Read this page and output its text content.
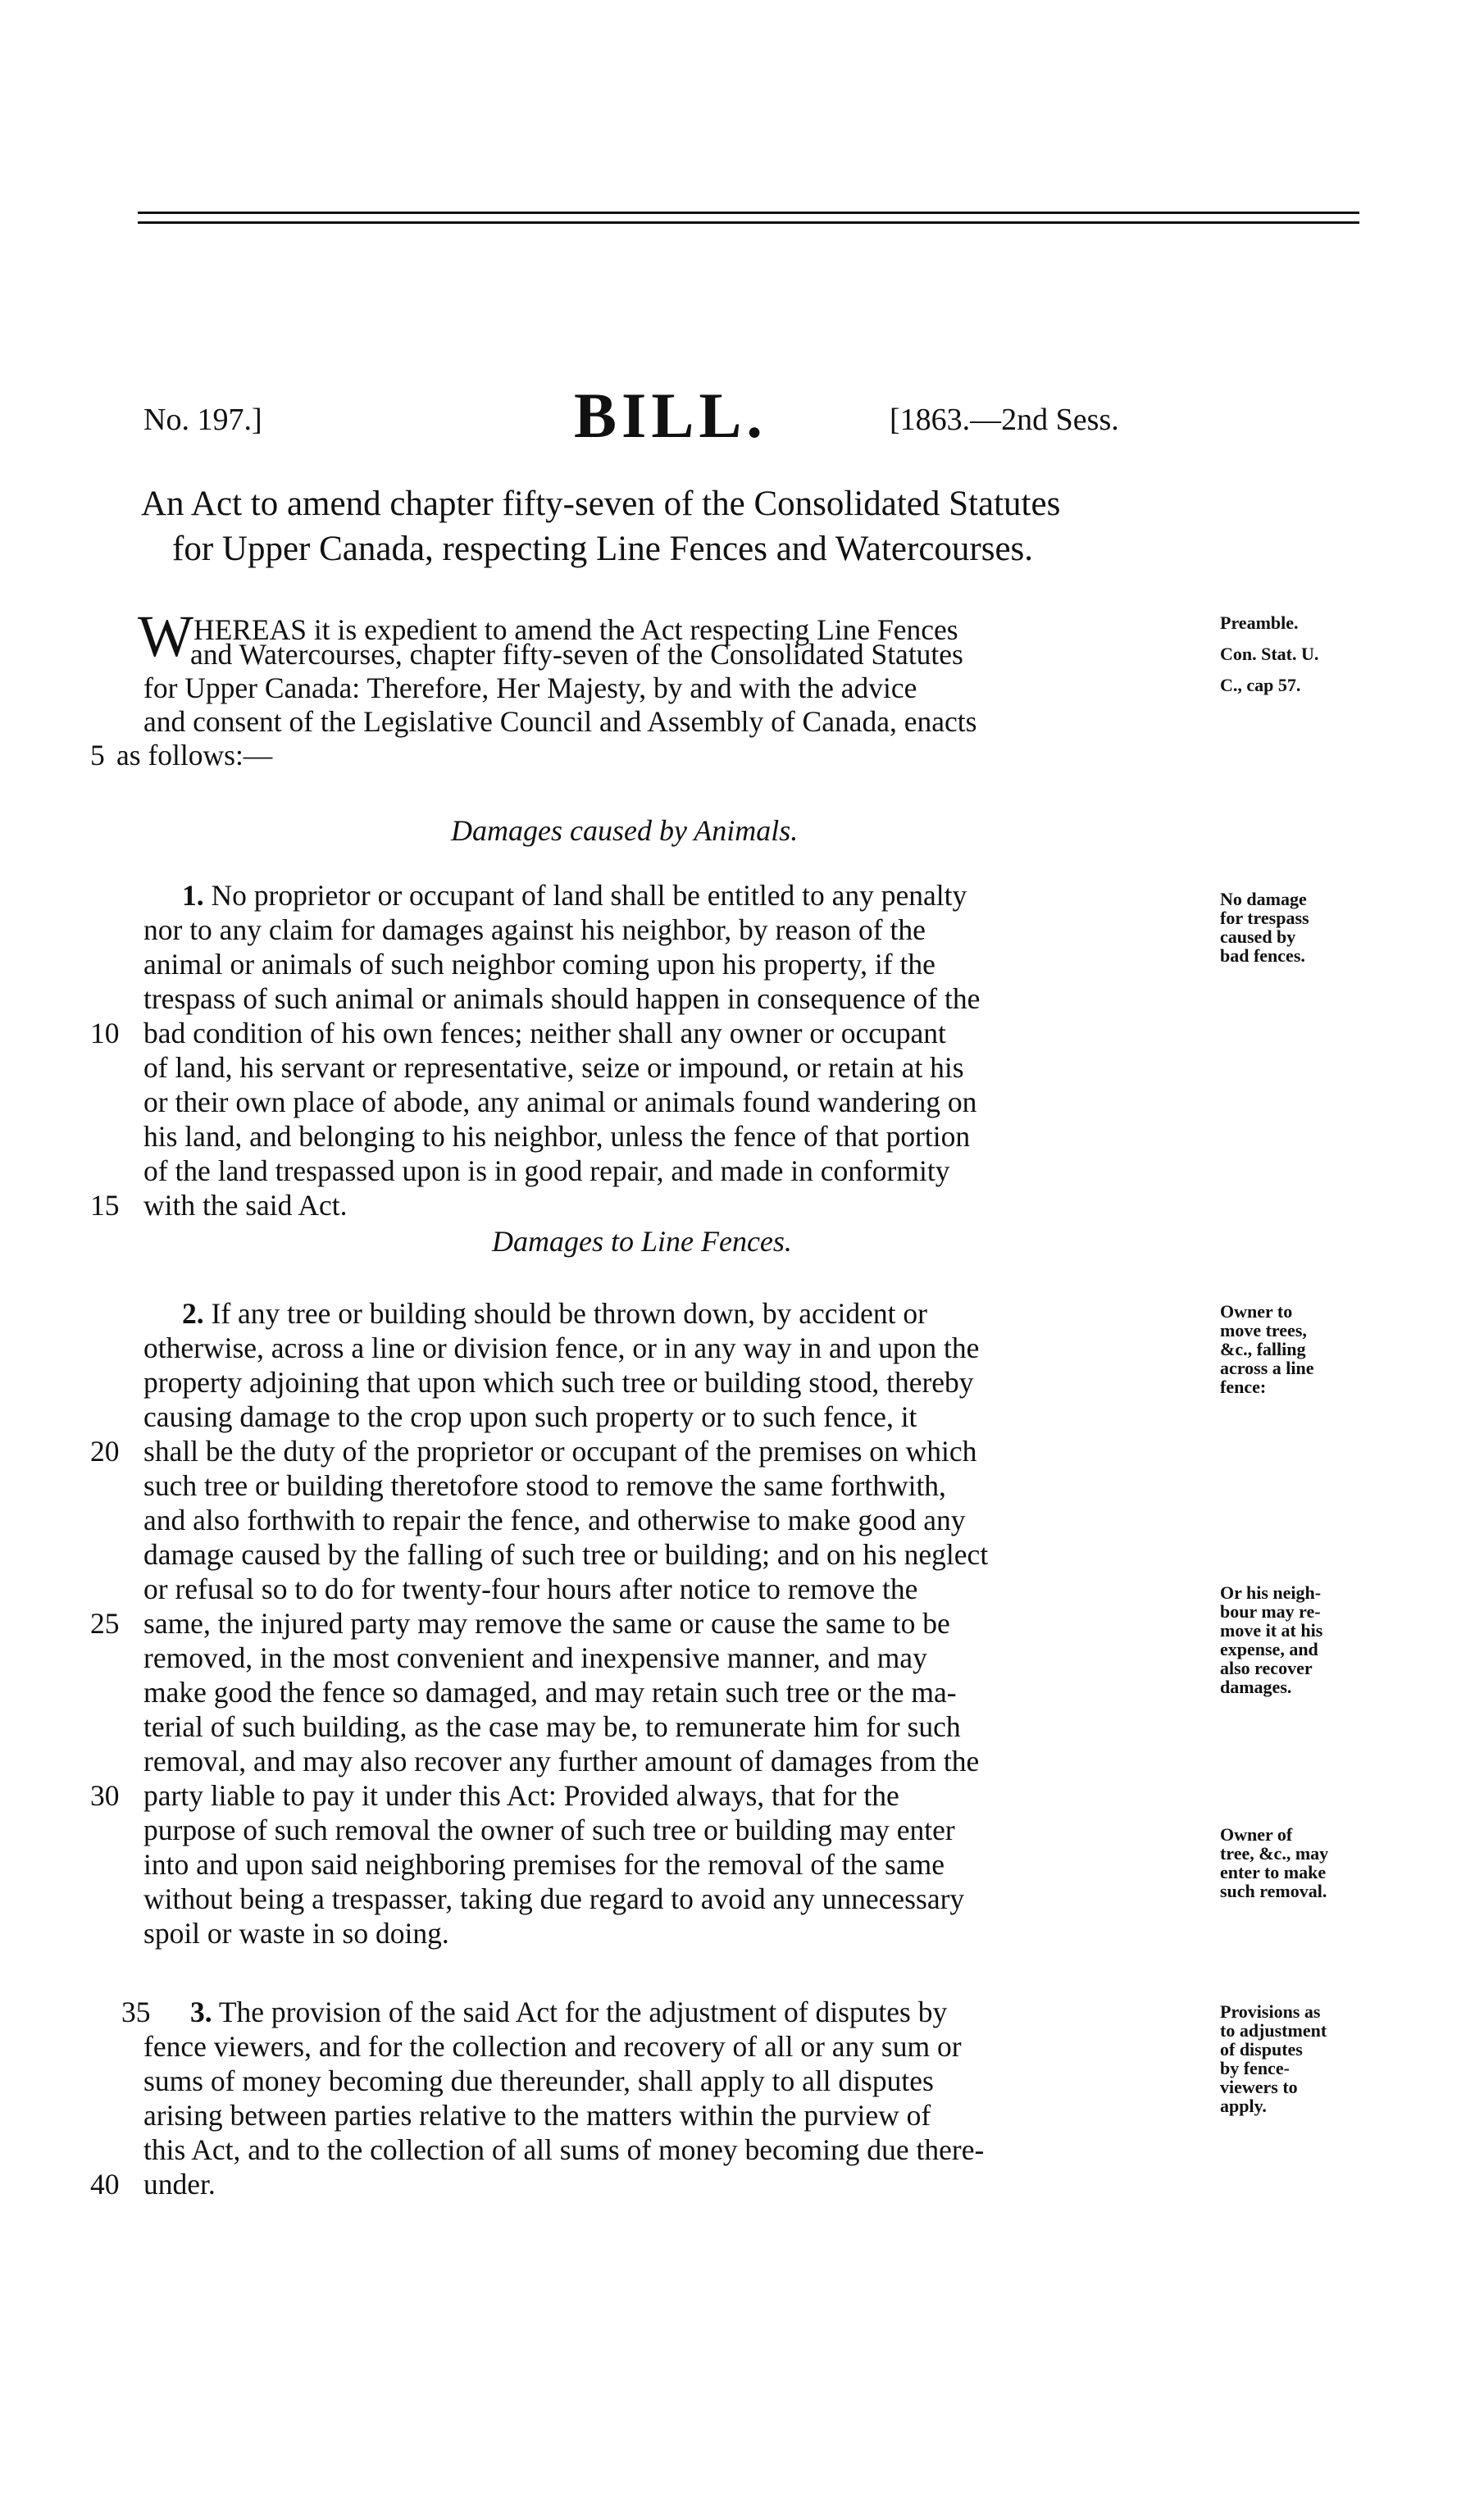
No. 197.]	BILL.	[1863.—2nd Sess.
An Act to amend chapter fifty-seven of the Consolidated Statutes
for Upper Canada, respecting Line Fences and Watercourses.
WHEREAS it is expedient to amend the Act respecting Line Fences
and Watercourses, chapter fifty-seven of the Consolidated Statutes
for Upper Canada: Therefore, Her Majesty, by and with the advice
and consent of the Legislative Council and Assembly of Canada, enacts
5 as follows:—
Preamble.
Con. Stat. U.
C., cap 57.
Damages caused by Animals.
1. No proprietor or occupant of land shall be entitled to any penalty
nor to any claim for damages against his neighbor, by reason of the
animal or animals of such neighbor coming upon his property, if the
trespass of such animal or animals should happen in consequence of the
10 bad condition of his own fences; neither shall any owner or occupant
of land, his servant or representative, seize or impound, or retain at his
or their own place of abode, any animal or animals found wandering on
his land, and belonging to his neighbor, unless the fence of that portion
of the land trespassed upon is in good repair, and made in conformity
15 with the said Act.
No damage
for trespass
caused by
bad fences.
Damages to Line Fences.
2. If any tree or building should be thrown down, by accident or
otherwise, across a line or division fence, or in any way in and upon the
property adjoining that upon which such tree or building stood, thereby
causing damage to the crop upon such property or to such fence, it
20 shall be the duty of the proprietor or occupant of the premises on which
such tree or building theretofore stood to remove the same forthwith,
and also forthwith to repair the fence, and otherwise to make good any
damage caused by the falling of such tree or building; and on his neglect
or refusal so to do for twenty-four hours after notice to remove the
25 same, the injured party may remove the same or cause the same to be
removed, in the most convenient and inexpensive manner, and may
make good the fence so damaged, and may retain such tree or the ma-
terial of such building, as the case may be, to remunerate him for such
removal, and may also recover any further amount of damages from the
30 party liable to pay it under this Act: Provided always, that for the
purpose of such removal the owner of such tree or building may enter
into and upon said neighboring premises for the removal of the same
without being a trespasser, taking due regard to avoid any unnecessary
spoil or waste in so doing.
Owner to
move trees,
&c., falling
across a line
fence:
Or his neigh-
bour may re-
move it at his
expense, and
also recover
damages.
Owner of
tree, &c., may
enter to make
such removal.
35 3. The provision of the said Act for the adjustment of disputes by
fence viewers, and for the collection and recovery of all or any sum or
sums of money becoming due thereunder, shall apply to all disputes
arising between parties relative to the matters within the purview of
this Act, and to the collection of all sums of money becoming due there-
40 under.
Provisions as
to adjustment
of disputes
by fence-
viewers to
apply.
